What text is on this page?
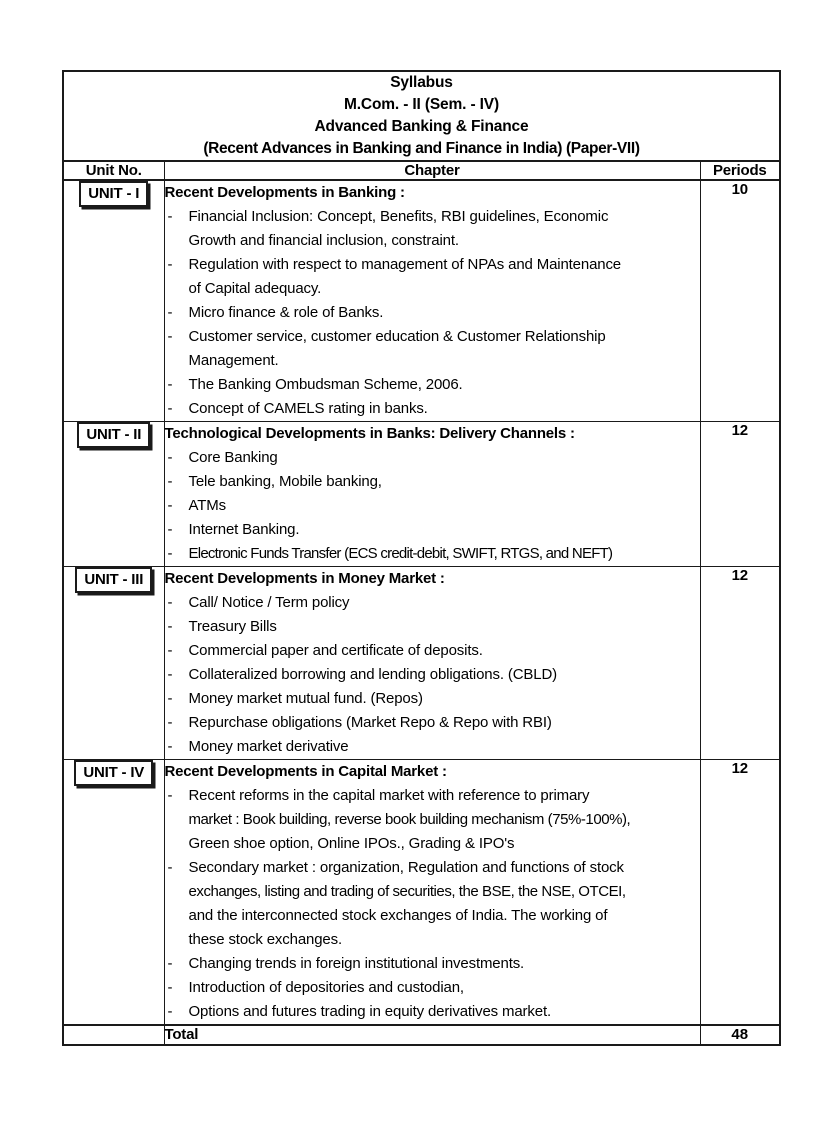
Syllabus
M.Com. - II (Sem. - IV)
Advanced Banking & Finance
(Recent Advances in Banking and Finance in India) (Paper-VII)		

Unit No.	Chapter	Periods
UNIT - I	Recent Developments in Banking :
- Financial Inclusion: Concept, Benefits, RBI guidelines, Economic
Growth and financial inclusion, constraint.
- Regulation with respect to management of NPAs and Maintenance
of Capital adequacy.
- Micro finance & role of Banks.
- Customer service, customer education & Customer Relationship
Management.
- The Banking Ombudsman Scheme, 2006.
- Concept of CAMELS rating in banks.
	10
UNIT - II	Technological Developments in Banks: Delivery Channels :
- Core Banking
- Tele banking, Mobile banking,
- ATMs
- Internet Banking.
- Electronic Funds Transfer (ECS credit-debit, SWIFT, RTGS, and NEFT)
	12
UNIT - III	Recent Developments in Money Market :
- Call/ Notice / Term policy
- Treasury Bills
- Commercial paper and certificate of deposits.
- Collateralized borrowing and lending obligations. (CBLD)
- Money market mutual fund. (Repos)
- Repurchase obligations (Market Repo & Repo with RBI)
- Money market derivative
	12
UNIT - IV	Recent Developments in Capital Market :
- Recent reforms in the capital market with reference to primary
market : Book building, reverse book building mechanism (75%-100%),
Green shoe option, Online IPOs., Grading & IPO's
- Secondary market : organization, Regulation and functions of stock
exchanges, listing and trading of securities, the BSE, the NSE, OTCEI,
and the interconnected stock exchanges of India. The working of
these stock exchanges.
- Changing trends in foreign institutional investments.
- Introduction of depositories and custodian,
- Options and futures trading in equity derivatives market.
	12
	Total	48
